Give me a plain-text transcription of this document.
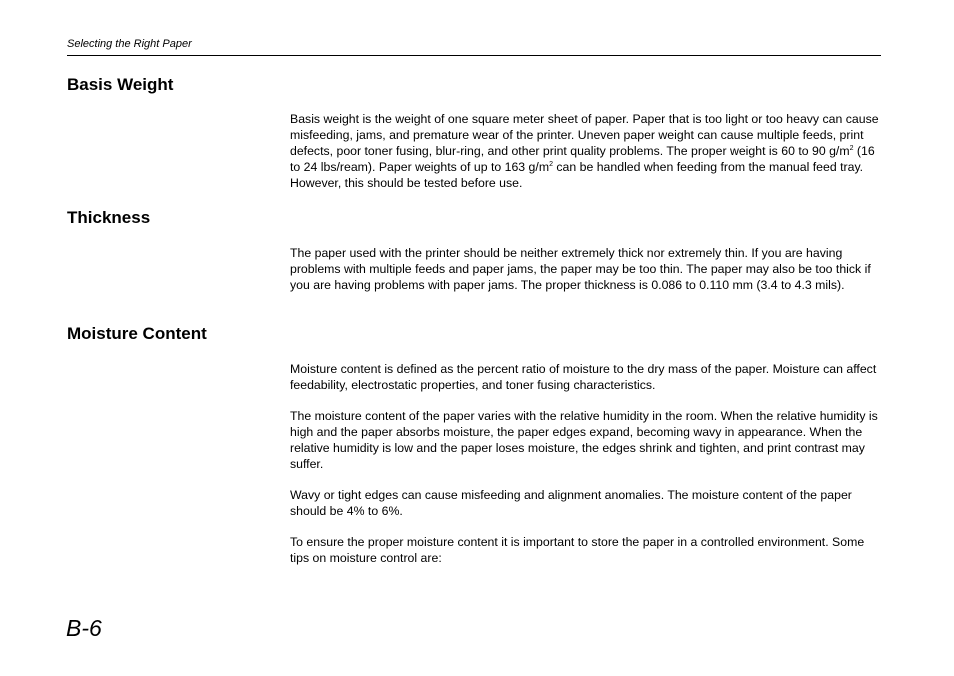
Selecting the Right Paper
Basis Weight

Basis weight is the weight of one square meter sheet of paper. Paper that is too light or too heavy can cause misfeeding, jams, and premature wear of the printer. Uneven paper weight can cause multiple feeds, print defects, poor toner fusing, blur-ring, and other print quality problems. The proper weight is 60 to 90 $g/m^2$ (16 to 24 lbs/ream). Paper weights of up to 163 $g/m^2$ can be handled when feeding from the manual feed tray. However, this should be tested before use.

Thickness

The paper used with the printer should be neither extremely thick nor extremely thin. If you are having problems with multiple feeds and paper jams, the paper may be too thin. The paper may also be too thick if you are having problems with paper jams. The proper thickness is 0.086 to 0.110 mm (3.4 to 4.3 mils).

Moisture Content

Moisture content is defined as the percent ratio of moisture to the dry mass of the paper. Moisture can affect feedability, electrostatic properties, and toner fusing characteristics.

The moisture content of the paper varies with the relative humidity in the room. When the relative humidity is high and the paper absorbs moisture, the paper edges expand, becoming wavy in appearance. When the relative humidity is low and the paper loses moisture, the edges shrink and tighten, and print contrast may suffer.

Wavy or tight edges can cause misfeeding and alignment anomalies. The moisture content of the paper should be 4% to 6%.

To ensure the proper moisture content it is important to store the paper in a controlled environment. Some tips on moisture control are:

B-6
